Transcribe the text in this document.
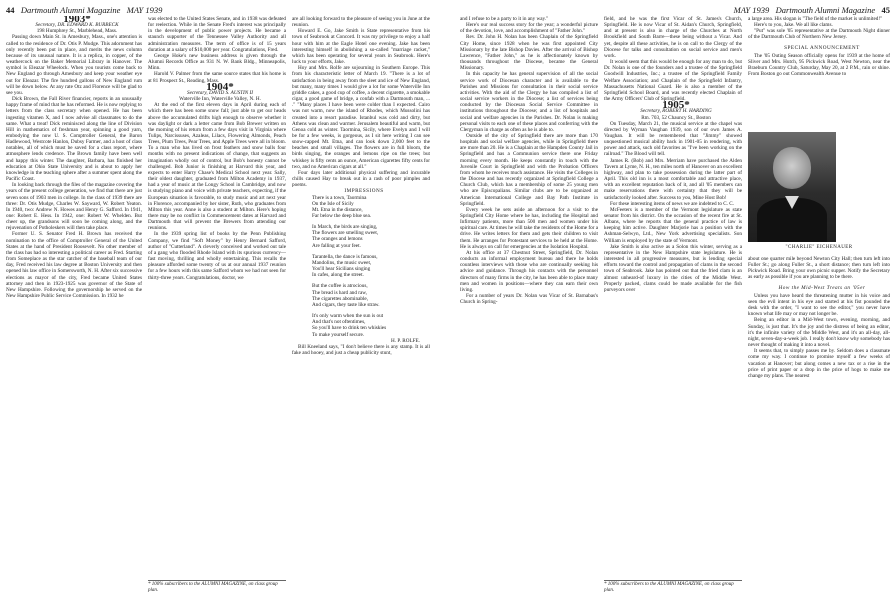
44 Dartmouth Alumni Magazine MAY 1939	MAY 1939 Dartmouth Alumni Magazine 45

1903*

Secretary, DR. EDWARD K. BURBECK

198 Humphrey St., Marblehead, Mass.

Passing down Main St. in Amesbury, Mass., one's attention is called to the residence of Dr. Otis P. Mudge. This adornment has only recently been put in place, and merits the news column because of its unusual nature. It is a replica, in copper, of the weathercock on the Baker Memorial Library in Hanover. The symbol is Eleazar Wheelock. When you tourists come back to New England go through Amesbury and keep your weather eye out for Eleazar. The fire hundred gallons of New England rum will be down below. At any rate Otz and Florence will be glad to see you.

Dick Brown, the Fall River financier, reports in an unusually happy frame of mind that he has reformed. He is now replying to letters from the class secretary when opened. He has been ingesting vitamen X, and I now advise all classmates to do the same. What a treat! Dick reminisced along the line of Division Hill in mathematics of freshman year, spinning a good yarn, embodying the now U. S. Comptroller General, the Baron Hadlewood, Westcote Hanlon, Dubsy Farmer, and a host of class notables, all of which must be saved for a class report, where atmosphere lends credence. The Brown family have been well and happy this winter. The daughter, Barbara, has finished her education at Ohio State University and is about to apply her knowledge in the teaching sphere after a summer spent along the Pacific Coast.

In looking back through the files of the magazine covering the years of the present college generation, we find that there are just seven sons of 1903 men in college. In the class of 1939 there are three: Dr. Otis Mudge, Charles W. Sayward, W. Robert Yeaton. In 1940, two: Andrew N. Howes and Henry G. Safford. In 1941, one: Robert E. Hess. In 1942, one: Robert W. Whelden. But cheer up, the grandsons will soon be coming along, and the rejuvenation of Potholeskers will then take place.

Former U. S. Senator Fred H. Brown has received the nomination to the office of Comptroller General of the United States at the hand of President Roosevelt. No other member of the class has had so interesting a political career as Fred. Starting from Someplace as the star catcher of the baseball team of our day, Fred received his law degree at Boston University and then opened his law office in Somersworth, N. H. After six successive elections as mayor of the city, Fred became United States attorney and then in 1923-1925 was governor of the State of New Hampshire. Following the governorship he served on the New Hampshire Public Service Commission. In 1932 he

was elected to the United States Senate, and in 1938 was defeated for reelection. While in the Senate Fred's interest was principally in the development of public power projects. He became a staunch supporter of the Tennessee Valley Authority and all administration measures. The term of office is of 15 years duration at a salary of $10,000 per year. Congratulations, Fred.

George Hoke's new business address is given through the Alumni Records Office as 931 N. W. Bank Bldg., Minneapolis, Minn.

Harold V. Palmer from the same source states that his home is at 81 Prospect St., Reading, Mass.

1904*

Secretary, DAVID S. AUSTIN II

Waterville Inn, Waterville Valley, N. H.

At the end of the first eleven days in April during each of which there has been some snow fall; just able to get our heads above the accumulated drifts high enough to observe whether it was daylight or dark a letter came from Bob Brewer written on the morning of his return from a few days visit in Virginia where Tulips, Narcissuses, Azaleas, Lilacs, Flowering Almonds, Peach Trees, Plum Trees, Pear Trees, and Apple Trees were all in bloom. To a man who has lived on frost feathers and snow balls four months with no present indications of change, that suggests an imagination wholly out of control, but Bob's honesty cannot be challenged. Bob Junior is finishing at Harvard this year, and expects to enter Harry Chase's Medical School next year. Sally, their oldest daughter, graduated from Milton Academy in 1937, had a year of music at the Longy School in Cambridge, and now is studying piano and voice with private teachers, expecting, if the European situation is favorable, to study music and art next year in Florence, accompanied by her sister, Ruth, who graduates from Milton this year. Anne is also a student at Milton. Here's hoping there may be no conflict in Commencement dates at Harvard and Dartmouth that will prevent the Brewers from attending our reunions.

In the 1939 spring list of books by the Penn Publishing Company, we find "Soft Money" by Henry Bernard Safford, author of "Cutterland". A cleverly conceived and worked out tale of a gang who flooded Rhode Island with its spurious currency—fast moving, thrilling and wholly entertaining. This recalls the pleasure afforded some twenty of us at our annual 1937 reunion for a few hours with this same Safford whom we had not seen for thirty-three years. Congratulations, doctor, we

* 100% subscribers to the ALUMNI MAGAZINE, on class group plan.

are all looking forward to the pleasure of seeing you in June at the reunion.

Howard E. Go, Jake Smith is State representative from his town of Seabrook at Concord. It was my privilege to enjoy a half hour with him at the Eagle Hotel one evening. Jake has been interesting himself in abolishing a so-called "marriage racket," which has been operating for several years in Seabrook. Here's luck to your efforts, Jake.

Hoy and Mrs. Rolfe are sojourning in Southern Europe. This from his characteristic letter of March 19. "There is a lot of satisfaction in being away from the sleet and ice of New England, but many, many times I would give a lot for some Waterville Inn griddle cakes, a good cup of coffee, a decent cigarette, a smokable cigar, a good game of bridge, a confab with a Dartmouth man, ... ." "Many places I have been were colder than I expected. Cairo was not warm, now the island of Rhodes, which Mussolini has created into a resort paradise. Istanbul was cold and dirty, but Athens was clean and warmer. Jerusalem beautiful and warm, but Genoa cold as winter. Taormina, Sicily, where Evelyn and I will be for a few weeks, is gorgeous, as I sit here writing I can see snow-capped Mt. Etna, and can look down 2,000 feet to the beaches and small villages. The flowers are in full bloom, the birds singing, the oranges and lemons ripe on the trees; but whiskey is fifty cents an ounce, American cigarettes fifty cents for two, and no American cigars at all."

Four days later additional physical suffering and incurable chills caused Hay to break out in a rash of poor pimples and poems.

IMPRESSIONS

There is a town, Taormina

On the Isle of Sicily

Mt. Etna in the distance,

Far below the deep blue sea.

In March, the birds are singing,

The flowers are smelling sweet,

The oranges and lemons

Are falling at your feet.

Tarantella, the dance is famous,

Mandolins, the music sweet,

You'll hear Sicilians singing

In cafes, along the street.

But the coffee is atrocious,

The bread is hard and raw,

The cigarettes abominable,

And cigars, they taste like straw.

It's only warm when the sun is out

And that's not oftentimes,

So you'll have to drink ten whiskies

To make yourself secure.

H. P. ROLFE.

Bill Kneeland says, "I don't believe there is any stamp. It is all fake and hooey, and just a cheap publicity stunt,

and I refuse to be a party to it in any way."

Here's our real success story for the year; a wonderful picture of the devotion, love, and accomplishment of "Father John."

Rev. Dr. John H. Nolan has been Chaplain of the Springfield City Home, since 1928 when he was first appointed City Missionary by the late Bishop Davies. After the arrival of Bishop Lawrence, "Father John," as he is affectionately known by thousands throughout the Diocese, became the General Missionary.

In this capacity he has general supervision of all the social service work of Diocesan character and is available to the Parishes and Missions for consultation in their social service activities. With the aid of the Clergy he has compiled a list of social service workers in the Diocese; a list of services being conducted by the Diocesan Social Service Committee in institutions throughout the Diocese; and a list of hospitals and social and welfare agencies in the Parishes. Dr. Nolan is making personal visits to each one of these places and conferring with the Clergyman in charge as often as he is able to.

Outside of the city of Springfield there are more than 170 hospitals and social welfare agencies, while in Springfield there are more than 20. He is a Chaplain at the Hampden County Jail in Springfield and has a Communion service there one Friday morning every month. He keeps constantly in touch with the Juvenile Court in Springfield and with the Probation Officers from whom he receives much assistance. He visits the Colleges in the Diocese and has recently organized at Springfield College a Church Club, which has a membership of some 25 young men who are Episcopalians. Similar clubs are to be organized at American International College and Bay Path Institute in Springfield.

Every week he sets aside an afternoon for a visit to the Springfield City Home where he has, including the Hospital and Infirmary patients, more than 500 men and women under his spiritual care. At times he will take the residents of the Home for a drive. He writes letters for them and gets their children to visit them. He arranges for Protestant services to be held at the Home. He is always on call for emergencies at the Isolation Hospital.

At his office at 37 Chestnut Street, Springfield, Dr. Nolan conducts an informal employment bureau and there he holds countless interviews with those who are continually seeking his advice and guidance. Through his contacts with the personnel directors of many firms in the city, he has been able to place many men and women in positions—where they can earn their own living.

For a number of years Dr. Nolan was Vicar of St. Barnabas's Church in Spring-

field, and he was the first Vicar of St. James's Church, Springfield. He is now Vicar of St. Aidan's Church, Springfield, and at present is also in charge of the Churches at North Brookfield and South Barre—these being without a Vicar. And yet, despite all these activities, he is on call to the Clergy of the Diocese for talks and consultation on social service and men's work.

It would seem that this would be enough for any man to do, but Dr. Nolan is one of the founders and a trustee of the Springfield Goodwill Industries, Inc.; a trustee of the Springfield Family Welfare Association; and Chaplain of the Springfield Infantry, Massachusetts National Guard. He is also a member of the Springfield School Board, and was recently elected Chaplain of the Army Officers' Club of Springfield.

1905*

Secretary, ROBERT H. HARDING

Rm. 703, 52 Chauncy St., Boston

On Tuesday, March 21, the musical service at the chapel was directed by Wyman Vaughan 1939, son of our own James A. Vaughan. It will be remembered that "Jimmy" showed unquestioned musical ability back in 1901-05 in rendering, with power and attack, such old favorites as "I've been working on the railroad." The Blood will tell.

James R. (Bob) and Mrs. Merriam have purchased the Alden Tavern at Lyme, N. H., ten miles north of Hanover on an excellent highway, and plan to take possession during the latter part of April. This old inn is a most comfortable and attractive place, with an excellent reputation back of it, and all '05 members can make reservations there with certainty that they will be satisfactorily looked after. Success to you, Mine Host Bob!

For these interesting items of news we are indebted to C. C.

McFeeters is a member of the Vermont legislature as state senator from his district. On the occasion of the recent fire at St. Albans, where he reports that the general practice of law is keeping him active. Daughter Marjorie has a position with the Ashman-Selwyn, Ltd., New York advertising specialists. Son William is employed by the state of Vermont.

Jake Smith is also active as a Solon this winter, serving as a representative in the New Hampshire state legislature. He is interested in all progressive measures, but is lending special efforts toward the control and propagation of clams in the second town of Seabrook. Jake has pointed out that the fried clam is an almost unheard-of luxury in the cities of the Middle West. Properly packed, clams could be made available for the fish purveyors over

* 100% subscribers to the ALUMNI MAGAZINE, on class group plan.

a large area. His slogan is "The field of the market is unlimited!"

Here's to you, Jake. We all like clams.

"Put" was sole '05 representative at the Dartmouth Night dinner of the Dartmouth Club of Northern New Jersey.

SPECIAL ANNOUNCEMENT

The '05 Outing Season officially opens for 1939 at the home of Sliver and Mrs. Hutch, 95 Pickwick Road, West Newton, near the Braeburn Country Club, Saturday, May 20, at 2 P.M., rain or shine. From Boston go out Commonwealth Avenue to

"CHARLIE" EICHENAUER

about one quarter mile beyond Newton City Hall; then turn left into Fuller St.; go along Fuller St., a short distance; then turn left into Pickwick Road. Bring your own picnic supper. Notify the Secretary as early as possible if you are planning to be there.

How the Mid-West Treats an '05er

Unless you have heard the threatening mutter in his voice and seen the evil intent in his eye and started at his fist pounded the desk with the order, "I want to see the editor," you never have known what life may or may not longer be.

Being an editor in a Mid-West town, evening, morning, and Sunday, is just that. It's the joy and the distress of being an editor, it's the infinite variety of the Middle West, and it's an all-day, all-night, seven-day-a-week job. I really don't know why somebody has never thought of making it into a novel.

It seems that, to simply passes me by. Seldom does a classmate come my way. I continue to promise myself a few weeks of vacation at Hanover; but along comes a new tax or a rise in the price of print paper or a drop in the price of hogs to make me change my plans. The nearest
